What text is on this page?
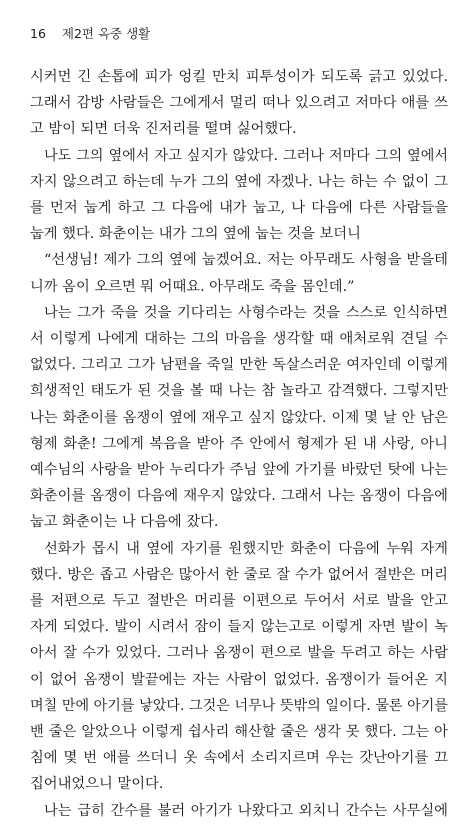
16 제2편 옥중 생활
시커먼 긴 손톱에 피가 엉킬 만치 피투성이가 되도록 긁고 있었다.
그래서 감방 사람들은 그에게서 멀리 떠나 있으려고 저마다 애를 쓰
고 밤이 되면 더욱 진저리를 떨며 싫어했다.
나도 그의 옆에서 자고 싶지가 않았다. 그러나 저마다 그의 옆에서
자지 않으려고 하는데 누가 그의 옆에 자겠나. 나는 하는 수 없이 그
를 먼저 눕게 하고 그 다음에 내가 눕고, 나 다음에 다른 사람들을
눕게 했다. 화춘이는 내가 그의 옆에 눕는 것을 보더니
“선생님! 제가 그의 옆에 눕겠어요. 저는 아무래도 사형을 받을테
니까 옴이 오르면 뭐 어때요. 아무래도 죽을 몸인데.”
나는 그가 죽을 것을 기다리는 사형수라는 것을 스스로 인식하면
서 이렇게 나에게 대하는 그의 마음을 생각할 때 애처로워 견딜 수
없었다. 그리고 그가 남편을 죽일 만한 독살스러운 여자인데 이렇게
희생적인 태도가 된 것을 볼 때 나는 참 놀라고 감격했다. 그렇지만
나는 화춘이를 옴쟁이 옆에 재우고 싶지 않았다. 이제 몇 날 안 남은
형제 화춘! 그에게 복음을 받아 주 안에서 형제가 된 내 사랑, 아니
예수님의 사랑을 받아 누리다가 주님 앞에 가기를 바랐던 탓에 나는
화춘이를 옴쟁이 다음에 재우지 않았다. 그래서 나는 옴쟁이 다음에
눕고 화춘이는 나 다음에 잤다.
선화가 몹시 내 옆에 자기를 원했지만 화춘이 다음에 누워 자게
했다. 방은 좁고 사람은 많아서 한 줄로 잘 수가 없어서 절반은 머리
를 저편으로 두고 절반은 머리를 이편으로 두어서 서로 발을 안고
자게 되었다. 발이 시려서 잠이 들지 않는고로 이렇게 자면 발이 녹
아서 잘 수가 있었다. 그러나 옴쟁이 편으로 발을 두려고 하는 사람
이 없어 옴쟁이 발끝에는 자는 사람이 없었다. 옴쟁이가 들어온 지
며칠 만에 아기를 낳았다. 그것은 너무나 뜻밖의 일이다. 물론 아기를
밴 줄은 알았으나 이렇게 쉽사리 해산할 줄은 생각 못 했다. 그는 아
침에 몇 번 애를 쓰더니 옷 속에서 소리지르며 우는 갓난아기를 끄
집어내었으니 말이다.
나는 급히 간수를 불러 아기가 나왔다고 외치니 간수는 사무실에
